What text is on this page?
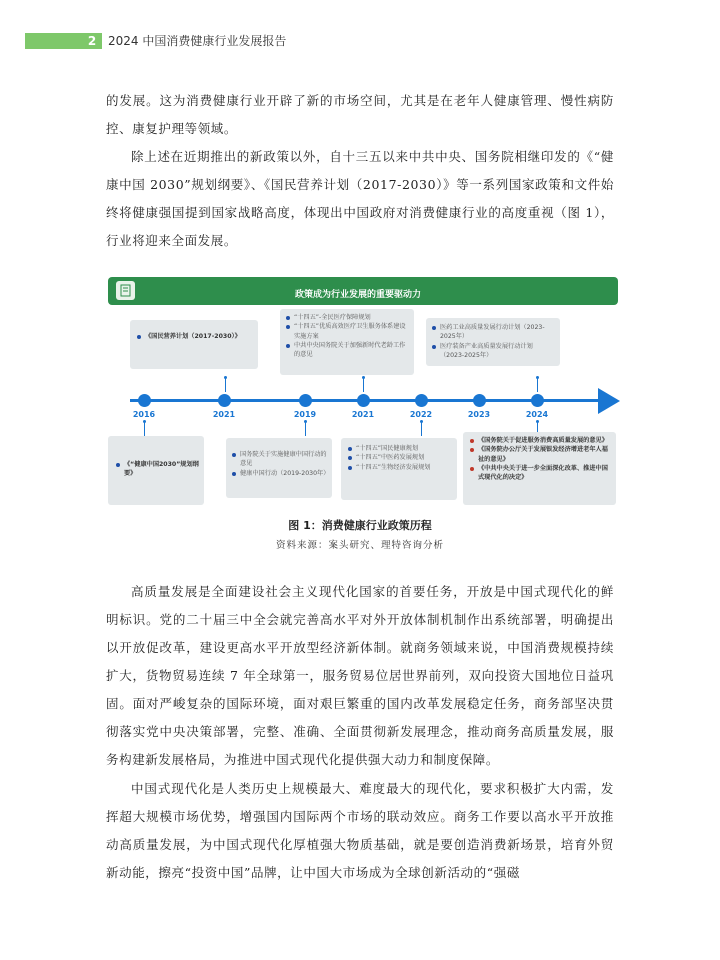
2 2024 中国消费健康行业发展报告

的发展。这为消费健康行业开辟了新的市场空间，尤其是在老年人健康管理、慢性病防控、康复护理等领域。

除上述在近期推出的新政策以外，自十三五以来中共中央、国务院相继印发的《“健康中国 2030”规划纲要》、《国民营养计划（2017-2030）》等一系列国家政策和文件始终将健康强国提到国家战略高度，体现出中国政府对消费健康行业的高度重视（图 1），行业将迎来全面发展。

政策成为行业发展的重要驱动力
《国民营养计划（2017-2030）》
“十四五”-全民医疗保障规划
“十四五”优质高效医疗卫生服务体系建设实施方案
中共中央国务院关于加强新时代老龄工作的意见
医药工业高质量发展行动计划（2023-2025年）
医疗装备产业高质量发展行动计划（2023-2025年）
2016	2021	2019	2021	2022	2023	2024
《“健康中国2030”规划纲要》
国务院关于实施健康中国行动的意见
健康中国行动（2019-2030年）
“十四五”国民健康规划
“十四五”中医药发展规划
“十四五”生物经济发展规划
《国务院关于促进服务消费高质量发展的意见》
《国务院办公厅关于发展银发经济增进老年人福祉的意见》
《中共中央关于进一步全面深化改革、推进中国式现代化的决定》
图 1：消费健康行业政策历程
资料来源：案头研究、理特咨询分析

高质量发展是全面建设社会主义现代化国家的首要任务，开放是中国式现代化的鲜明标识。党的二十届三中全会就完善高水平对外开放体制机制作出系统部署，明确提出以开放促改革，建设更高水平开放型经济新体制。就商务领域来说，中国消费规模持续扩大，货物贸易连续 7 年全球第一，服务贸易位居世界前列，双向投资大国地位日益巩固。面对严峻复杂的国际环境，面对艰巨繁重的国内改革发展稳定任务，商务部坚决贯彻落实党中央决策部署，完整、准确、全面贯彻新发展理念，推动商务高质量发展，服务构建新发展格局，为推进中国式现代化提供强大动力和制度保障。

中国式现代化是人类历史上规模最大、难度最大的现代化，要求积极扩大内需，发挥超大规模市场优势，增强国内国际两个市场的联动效应。商务工作要以高水平开放推动高质量发展，为中国式现代化厚植强大物质基础，就是要创造消费新场景，培育外贸新动能，擦亮“投资中国”品牌，让中国大市场成为全球创新活动的“强磁
